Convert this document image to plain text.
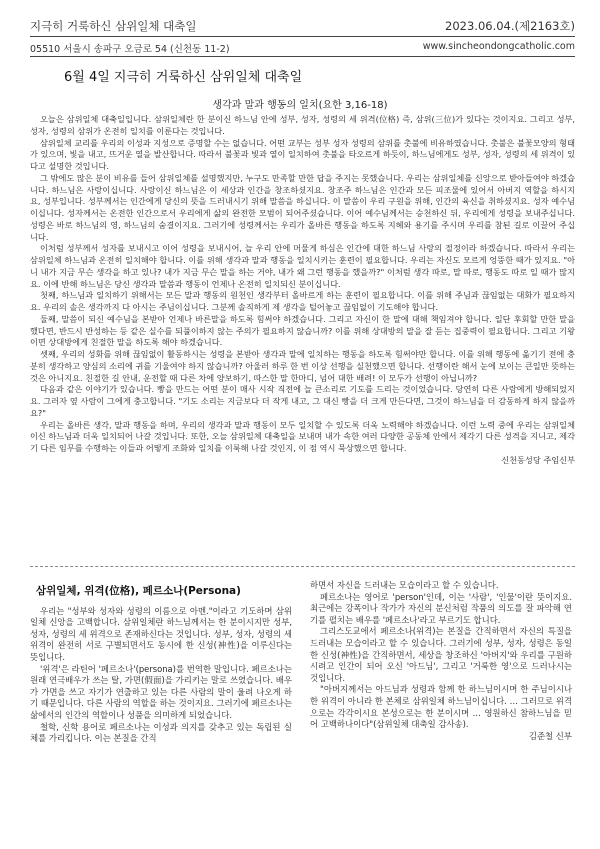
지극히 거룩하신 삼위일체 대축일	2023.06.04.(제2163호)
05510 서울시 송파구 오금로 54 (신천동 11-2)	www.sincheondongcatholic.com
6월 4일 지극히 거룩하신 삼위일체 대축일
생각과 말과 행동의 일치(요한 3,16-18)

오늘은 삼위일체 대축일입니다. 삼위일체란 한 분이신 하느님 안에 성부, 성자, 성령의 세 위격(位格) 즉, 삼위(三位)가 있다는 것이지요. 그리고 성부, 성자, 성령의 삼위가 온전히 일치를 이룬다는 것입니다.

삼위일체 교리를 우리의 이성과 지성으로 증명할 수는 없습니다. 어떤 교부는 성부 성자 성령의 삼위를 촛불에 비유하였습니다. 촛불은 불꽃모양의 형태가 있으며, 빛을 내고, 뜨거운 열을 발산합니다. 따라서 불꽃과 빛과 열이 일치하여 촛불을 타오르게 하듯이, 하느님에게도 성부, 성자, 성령의 세 위격이 있다고 설명한 것입니다.

그 밖에도 많은 분이 비유를 들어 삼위일체를 설명했지만, 누구도 만족할 만한 답을 주지는 못했습니다. 우리는 삼위일체를 신앙으로 받아들여야 하겠습니다. 하느님은 사랑이십니다. 사랑이신 하느님은 이 세상과 인간을 창조하셨지요. 창조주 하느님은 인간과 모든 피조물에 있어서 아버지 역할을 하시지요, 성부입니다. 성부께서는 인간에게 당신의 뜻을 드러내시기 위해 말씀을 하십니다. 이 말씀이 우리 구원을 위해, 인간의 육신을 취하셨지요. 성자 예수님이십니다. 성자께서는 온전한 인간으로서 우리에게 삶의 완전한 모범이 되어주셨습니다. 이어 예수님께서는 승천하신 뒤, 우리에게 성령을 보내주십니다. 성령은 바로 하느님의 영, 하느님의 숨결이지요. 그러기에 성령께서는 우리가 올바른 행동을 하도록 지혜와 용기를 주시며 우리를 참된 길로 이끌어 주십니다.

이처럼 성부께서 성자를 보내시고 이어 성령을 보내시어, 늘 우리 안에 머물게 하심은 인간에 대한 하느님 사랑의 절정이라 하겠습니다. 따라서 우리는 삼위일체 하느님과 온전히 일치해야 합니다. 이를 위해 생각과 말과 행동을 일치시키는 훈련이 필요합니다. 우리는 자신도 모르게 엉뚱한 때가 있지요. "아니 내가 지금 무슨 생각을 하고 있나? 내가 지금 무슨 말을 하는 거야, 내가 왜 그런 행동을 했을까?" 이처럼 생각 따로, 말 따로, 행동도 따로 일 때가 많지요. 이에 반해 하느님은 당신 생각과 말씀과 행동이 언제나 온전히 일치되신 분이십니다.

첫째, 하느님과 일치하기 위해서는 모든 말과 행동의 원천인 생각부터 올바르게 하는 훈련이 필요합니다. 이를 위해 주님과 끊임없는 대화가 필요하지요. 우리의 솔은 생각까지 다 아시는 주님이십니다. 그분께 솔직하게 제 생각을 털어놓고 끊임없이 기도해야 합니다.

둘째, 말씀이 되신 예수님을 본받아 언제나 바른말을 하도록 힘써야 하겠습니다. 그리고 자신이 한 말에 대해 책임져야 합니다. 일단 후회할 만한 말을 했다면, 반드시 반성하는 등 같은 실수를 되풀이하지 않는 주의가 필요하지 않습니까? 이를 위해 상대방의 말을 잘 듣는 집중력이 필요합니다. 그리고 기왕이면 상대방에게 친절한 말을 하도록 해야 하겠습니다.

셋째, 우리의 성화를 위해 끊임없이 활동하시는 성령을 본받아 생각과 말에 일치하는 행동을 하도록 힘써야만 합니다. 이를 위해 행동에 옮기기 전에 충분히 생각하고 양심의 소리에 귀를 기울여야 하지 않습니까? 아울러 하루 한 번 이상 선행을 실천했으면 합니다. 선행이란 해서 눈에 보이는 큰일만 뜻하는 것은 아니지요. 친절한 길 안내, 운전할 때 다른 차에 양보하기, 따스한 말 한마디, 넘어 대한 배려! 이 모두가 선행이 아닙니까?

다음과 같은 이야기가 있습니다. 빵을 만드는 어떤 분이 매사 시작 직전에 늘 큰소리로 기도를 드리는 것이었습니다. 당연히 다른 사람에게 방해되었지요. 그러자 옆 사람이 그에게 충고합니다. "기도 소리는 지금보다 더 작게 내고, 그 대신 빵을 더 크게 만든다면, 그것이 하느님을 더 감동하게 하지 않을까요?"

우리는 올바른 생각, 말과 행동을 하며, 우리의 생각과 말과 행동이 모두 일치할 수 있도록 더욱 노력해야 하겠습니다. 이런 노력 중에 우리는 삼위일체이신 하느님과 더욱 일치되어 나갈 것입니다. 또한, 오늘 삼위일체 대축일을 보내며 내가 속한 여러 다양한 공동체 안에서 제각기 다른 성격을 지니고, 제각기 다른 임무를 수행하는 이들과 어떻게 조화와 일치를 이룩해 나갈 것인지, 이 점 역시 묵상했으면 합니다.

신천동성당 주임신부

삼위일체, 위격(位格), 페르소나(Persona)

우리는 "성부와 성자와 성령의 이름으로 아멘."이라고 기도하며 삼위일체 신앙을 고백합니다. 삼위일체란 하느님께서는 한 분이시지만 성부, 성자, 성령의 세 위격으로 존재하신다는 것입니다. 성부, 성자, 성령의 세 위격이 완전히 서로 구별되면서도 동시에 한 신성(神性)을 이루신다는 뜻입니다.

'위격'은 라틴어 '페르소나'(persona)를 번역한 말입니다. 페르소나는 원래 연극배우가 쓰는 탈, 가면(假面)을 가리키는 말로 쓰였습니다. 배우가 가면을 쓰고 자기가 연출하고 있는 다른 사람의 말이 울려 나오게 하기 때문입니다. 다른 사람의 역할을 하는 것이지요. 그러기에 페르소나는 삶에서의 인간의 역할이나 성품을 의미하게 되었습니다.

철학, 신학 용어로 페르소나는 이성과 의지를 갖추고 있는 독립된 실체를 가리킵니다. 이는 본질을 간직

하면서 자신을 드러내는 모습이라고 할 수 있습니다.

페르소나는 영어로 'person'인데, 이는 '사람', '인물'이란 뜻이지요. 최근에는 강폭이나 작가가 자신의 분신처럼 작품의 의도를 잘 파악해 연기를 펼치는 배우를 '페르소나'라고 부르기도 합니다.

그리스도교에서 페르소나(위격)는 본질을 간직하면서 자신의 특질을 드러내는 모습이라고 할 수 있습니다. 그러기에 성부, 성자, 성령은 동일한 신성(神性)을 간직하면서, 세상을 창조하신 '아버지'와 우리를 구원하시려고 인간이 되어 오신 '아드님', 그리고 '거룩한 영'으로 드러나시는 것입니다.

"아버지께서는 아드님과 성령과 함께 한 하느님이시며 한 주님이시나 한 위격이 아니라 한 본체로 삼위일체 하느님이십니다. … 그러므로 위격으로는 각각이시요 본성으로는 한 분이시며 … 영원하신 참하느님을 믿어 고백하나이다"(삼위일체 대축일 감사송).

김준철 신부
